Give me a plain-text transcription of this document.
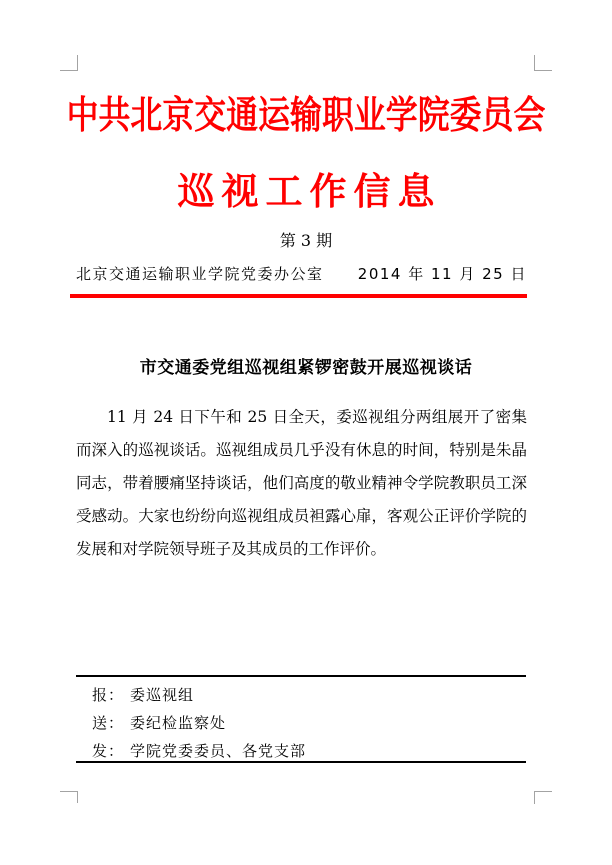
中共北京交通运输职业学院委员会
巡视工作信息
第 3 期
北京交通运输职业学院党委办公室 2014 年 11 月 25 日
市交通委党组巡视组紧锣密鼓开展巡视谈话

11 月 24 日下午和 25 日全天，委巡视组分两组展开了密集而深入的巡视谈话。巡视组成员几乎没有休息的时间，特别是朱晶同志，带着腰痛坚持谈话，他们高度的敬业精神令学院教职员工深受感动。大家也纷纷向巡视组成员袒露心扉，客观公正评价学院的发展和对学院领导班子及其成员的工作评价。

报： 委巡视组
送： 委纪检监察处
发： 学院党委委员、各党支部
